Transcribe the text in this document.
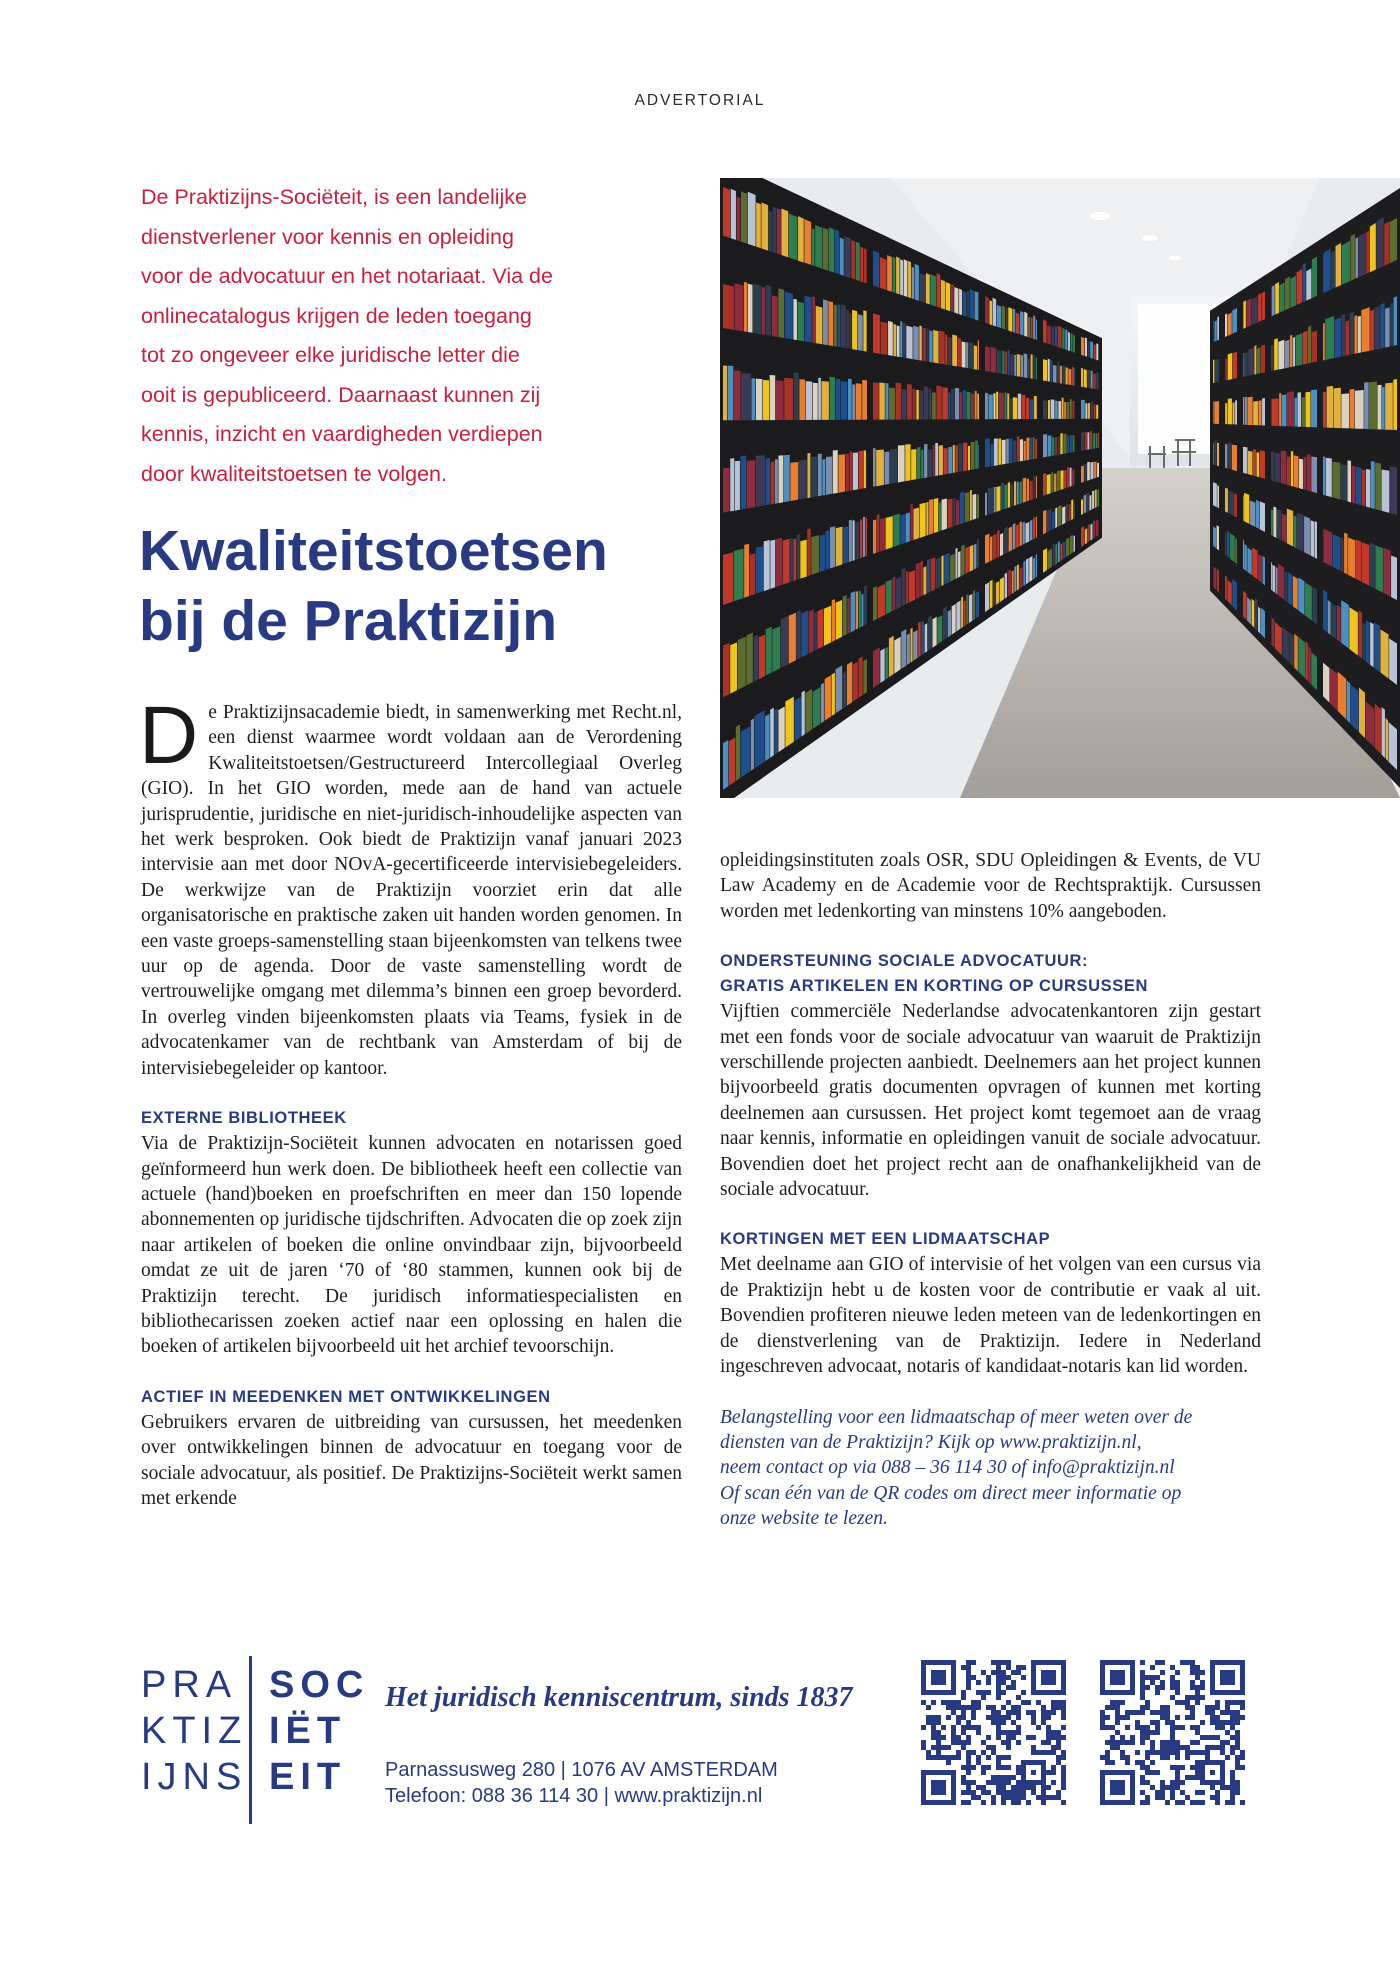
ADVERTORIAL
De Praktizijns-Sociëteit, is een landelijke
dienstverlener voor kennis en opleiding
voor de advocatuur en het notariaat. Via de
onlinecatalogus krijgen de leden toegang
tot zo ongeveer elke juridische letter die
ooit is gepubliceerd. Daarnaast kunnen zij
kennis, inzicht en vaardigheden verdiepen
door kwaliteitstoetsen te volgen.
Kwaliteitstoetsen
bij de Praktizijn

De Praktizijnsacademie biedt, in samenwerking met Recht.nl, een dienst waarmee wordt voldaan aan de Verordening Kwaliteitstoetsen/Gestructureerd Intercollegiaal Overleg (GIO). In het GIO worden, mede aan de hand van actuele jurisprudentie, juridische en niet-juridisch-inhoudelijke aspecten van het werk besproken. Ook biedt de Praktizijn vanaf januari 2023 intervisie aan met door NOvA-gecertificeerde intervisiebegeleiders. De werkwijze van de Praktizijn voorziet erin dat alle organisatorische en praktische zaken uit handen worden genomen. In een vaste groeps-samenstelling staan bijeenkomsten van telkens twee uur op de agenda. Door de vaste samenstelling wordt de vertrouwelijke omgang met dilemma’s binnen een groep bevorderd. In overleg vinden bijeenkomsten plaats via Teams, fysiek in de advocatenkamer van de rechtbank van Amsterdam of bij de intervisiebegeleider op kantoor.

EXTERNE BIBLIOTHEEK

Via de Praktizijn-Sociëteit kunnen advocaten en notarissen goed geïnformeerd hun werk doen. De bibliotheek heeft een collectie van actuele (hand)boeken en proefschriften en meer dan 150 lopende abonnementen op juridische tijdschriften. Advocaten die op zoek zijn naar artikelen of boeken die online onvindbaar zijn, bijvoorbeeld omdat ze uit de jaren ‘70 of ‘80 stammen, kunnen ook bij de Praktizijn terecht. De juridisch informatiespecialisten en bibliothecarissen zoeken actief naar een oplossing en halen die boeken of artikelen bijvoorbeeld uit het archief tevoorschijn.

ACTIEF IN MEEDENKEN MET ONTWIKKELINGEN

Gebruikers ervaren de uitbreiding van cursussen, het meedenken over ontwikkelingen binnen de advocatuur en toegang voor de sociale advocatuur, als positief. De Praktizijns-Sociëteit werkt samen met erkende

opleidingsinstituten zoals OSR, SDU Opleidingen & Events, de VU Law Academy en de Academie voor de Rechtspraktijk. Cursussen worden met ledenkorting van minstens 10% aangeboden.

ONDERSTEUNING SOCIALE ADVOCATUUR:
GRATIS ARTIKELEN EN KORTING OP CURSUSSEN

Vijftien commerciële Nederlandse advocatenkantoren zijn gestart met een fonds voor de sociale advocatuur van waaruit de Praktizijn verschillende projecten aanbiedt. Deelnemers aan het project kunnen bijvoorbeeld gratis documenten opvragen of kunnen met korting deelnemen aan cursussen. Het project komt tegemoet aan de vraag naar kennis, informatie en opleidingen vanuit de sociale advocatuur. Bovendien doet het project recht aan de onafhankelijkheid van de sociale advocatuur.

KORTINGEN MET EEN LIDMAATSCHAP

Met deelname aan GIO of intervisie of het volgen van een cursus via de Praktizijn hebt u de kosten voor de contributie er vaak al uit. Bovendien profiteren nieuwe leden meteen van de ledenkortingen en de dienstverlening van de Praktizijn. Iedere in Nederland ingeschreven advocaat, notaris of kandidaat-notaris kan lid worden.

Belangstelling voor een lidmaatschap of meer weten over de
diensten van de Praktizijn? Kijk op www.praktizijn.nl,
neem contact op via 088 – 36 114 30 of info@praktizijn.nl
Of scan één van de QR codes om direct meer informatie op
onze website te lezen.
PRA
KTIZ
IJNS
SOC
IËT
EIT
Het juridisch kenniscentrum, sinds 1837
Parnassusweg 280 | 1076 AV AMSTERDAM
Telefoon: 088 36 114 30 | www.praktizijn.nl
